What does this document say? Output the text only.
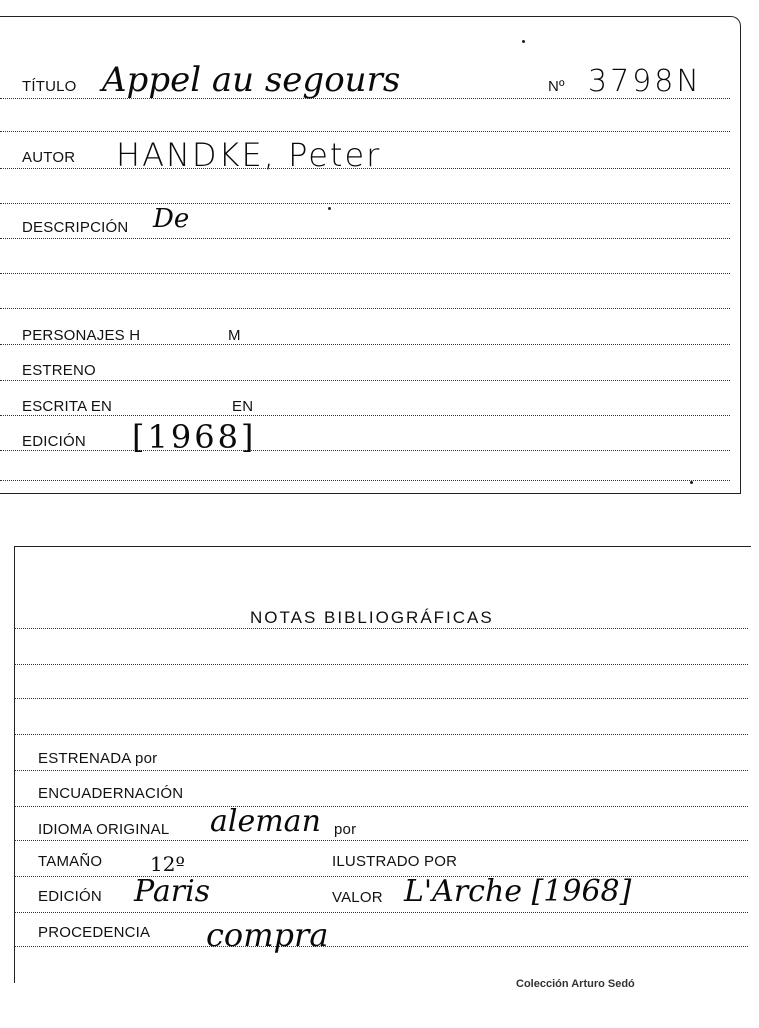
TÍTULO Appel au segours	Nº 3798N
AUTOR HANDKE, Peter
DESCRIPCIÓN De
PERSONAJES H	M
ESTRENO
ESCRITA EN	EN
EDICIÓN [1968]
NOTAS BIBLIOGRÁFICAS
ESTRENADA por
ENCUADERNACIÓN
IDIOMA ORIGINAL aleman por
TAMAÑO 12º	ILUSTRADO POR
EDICIÓN Paris	VALOR L'Arche [1968]
PROCEDENCIA compra
Colección Arturo Sedó
